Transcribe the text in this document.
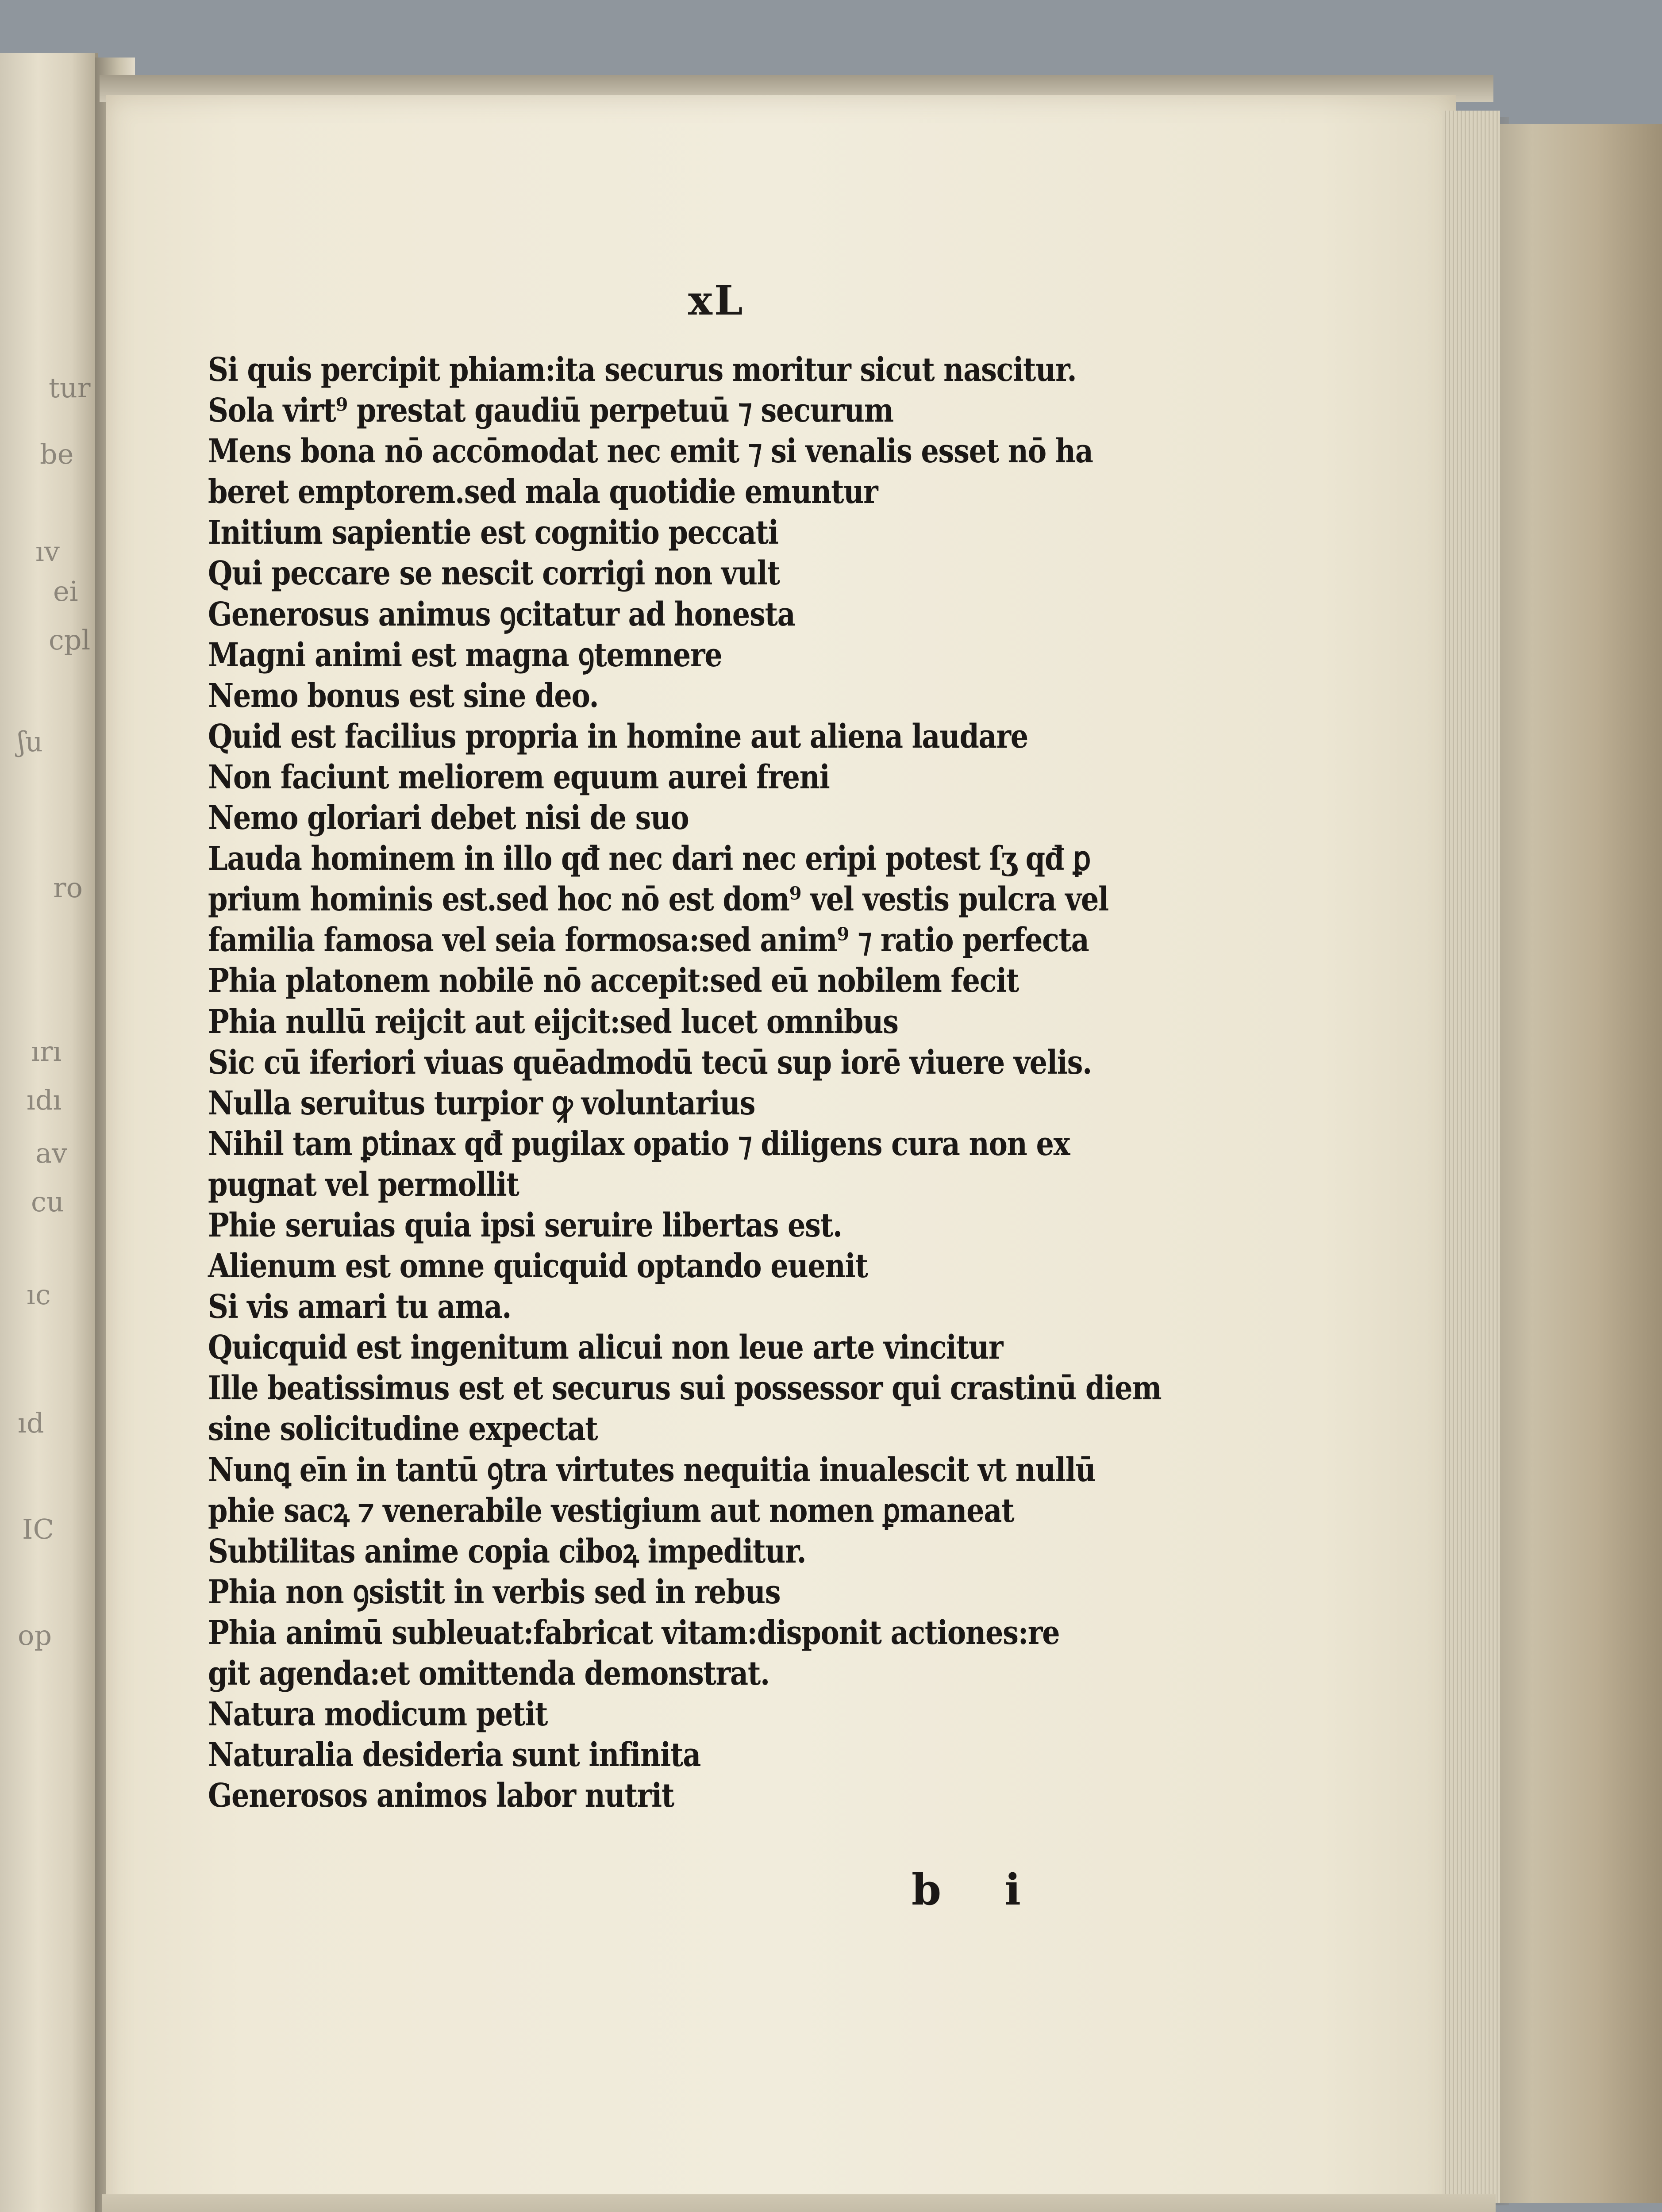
tur
be
ıv
ei
cpl
ʃu
ro
ırı
ıdı
av
cu
ıc
ıd
IC
op
xL
Si quis percipit phiam:ita securus moritur sicut nascitur.
Sola virt⁹ prestat gaudiū perpetuū ⁊ securum
Mens bona nō accōmodat nec emit ⁊ si venalis esset nō ha
beret emptorem.sed mala quotidie emuntur
Initium sapientie est cognitio peccati
Qui peccare se nescit corrigi non vult
Generosus animus ꝯcitatur ad honesta
Magni animi est magna ꝯtemnere
Nemo bonus est sine deo.
Quid est facilius propria in homine aut aliena laudare
Non faciunt meliorem equum aurei freni
Nemo gloriari debet nisi de suo
Lauda hominem in illo qđ nec dari nec eripi potest ſʒ qđ ꝑ
prium hominis est.sed hoc nō est dom⁹ vel vestis pulcra vel
familia famosa vel seia formosa:sed anim⁹ ⁊ ratio perfecta
Phia platonem nobilē nō accepit:sed eū nobilem fecit
Phia nullū reijcit aut eijcit:sed lucet omnibus
Sic cū iferiori viuas quēadmodū tecū sup iorē viuere velis.
Nulla seruitus turpior ꝙ voluntarius
Nihil tam ꝑtinax qđ pugilax opatio ⁊ diligens cura non ex
pugnat vel permollit
Phie seruias quia ipsi seruire libertas est.
Alienum est omne quicquid optando euenit
Si vis amari tu ama.
Quicquid est ingenitum alicui non leue arte vincitur
Ille beatissimus est et securus sui possessor qui crastinū diem
sine solicitudine expectat
Nunꝗ eīn in tantū ꝯtra virtutes nequitia inualescit vt nullū
phie sacꝝ ⁊ venerabile vestigium aut nomen ꝑmaneat
Subtilitas anime copia ciboꝝ impeditur.
Phia non ꝯsistit in verbis sed in rebus
Phia animū subleuat:fabricat vitam:disponit actiones:re
git agenda:et omittenda demonstrat.
Natura modicum petit
Naturalia desideria sunt infinita
Generosos animos labor nutrit
b i
